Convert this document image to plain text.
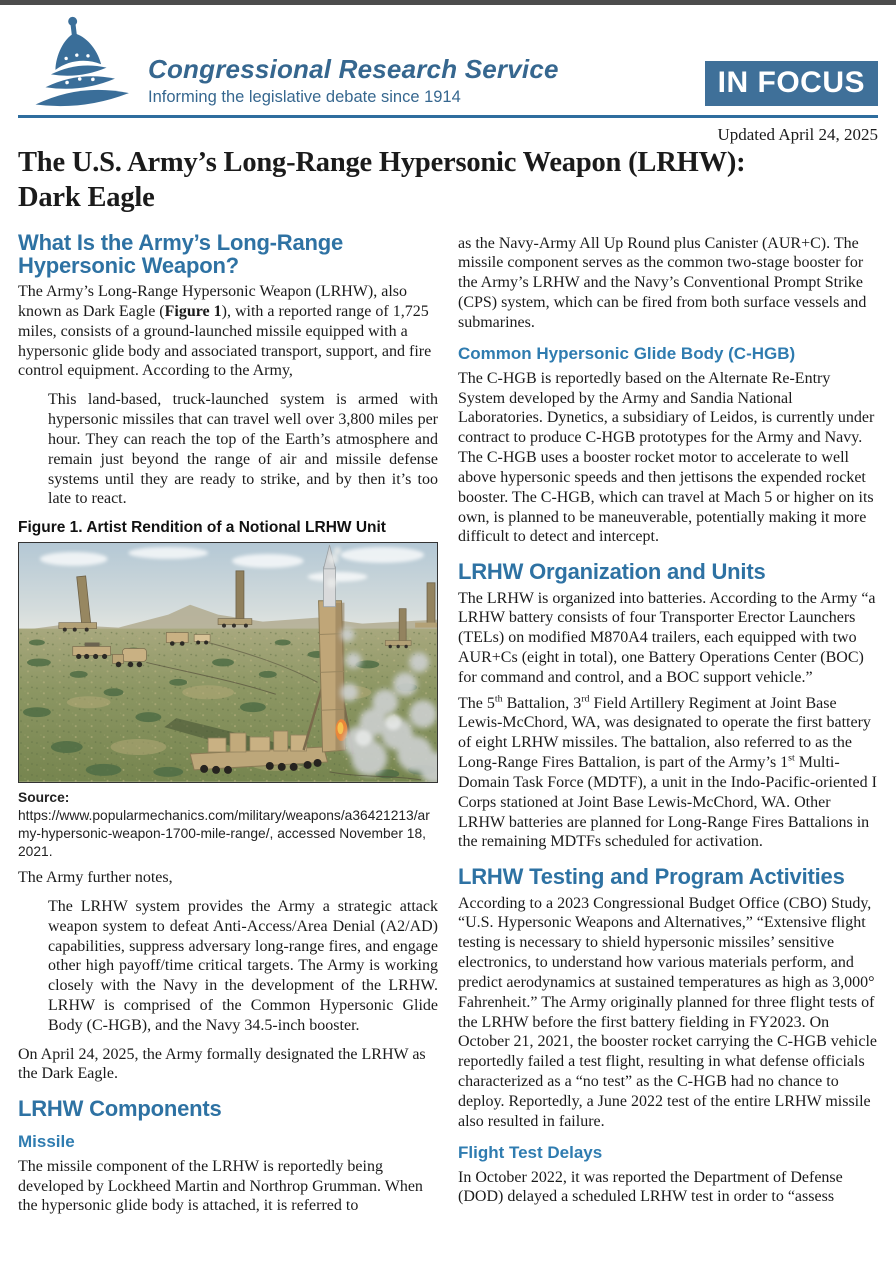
Congressional Research Service
Informing the legislative debate since 1914	IN FOCUS
Updated April 24, 2025
The U.S. Army’s Long-Range Hypersonic Weapon (LRHW):
Dark Eagle
What Is the Army’s Long-Range Hypersonic Weapon?

The Army’s Long-Range Hypersonic Weapon (LRHW), also known as Dark Eagle (Figure 1), with a reported range of 1,725 miles, consists of a ground-launched missile equipped with a hypersonic glide body and associated transport, support, and fire control equipment. According to the Army,

This land-based, truck-launched system is armed with hypersonic missiles that can travel well over 3,800 miles per hour. They can reach the top of the Earth’s atmosphere and remain just beyond the range of air and missile defense systems until they are ready to strike, and by then it’s too late to react.

Figure 1. Artist Rendition of a Notional LRHW Unit
Source: https://www.popularmechanics.com/military/weapons/a36421213/army-hypersonic-weapon-1700-mile-range/, accessed November 18, 2021.

The Army further notes,

The LRHW system provides the Army a strategic attack weapon system to defeat Anti-Access/Area Denial (A2/AD) capabilities, suppress adversary long-range fires, and engage other high payoff/time critical targets. The Army is working closely with the Navy in the development of the LRHW. LRHW is comprised of the Common Hypersonic Glide Body (C-HGB), and the Navy 34.5-inch booster.

On April 24, 2025, the Army formally designated the LRHW as the Dark Eagle.

LRHW Components
Missile

The missile component of the LRHW is reportedly being developed by Lockheed Martin and Northrop Grumman. When the hypersonic glide body is attached, it is referred to

as the Navy-Army All Up Round plus Canister (AUR+C). The missile component serves as the common two-stage booster for the Army’s LRHW and the Navy’s Conventional Prompt Strike (CPS) system, which can be fired from both surface vessels and submarines.

Common Hypersonic Glide Body (C-HGB)

The C-HGB is reportedly based on the Alternate Re-Entry System developed by the Army and Sandia National Laboratories. Dynetics, a subsidiary of Leidos, is currently under contract to produce C-HGB prototypes for the Army and Navy. The C-HGB uses a booster rocket motor to accelerate to well above hypersonic speeds and then jettisons the expended rocket booster. The C-HGB, which can travel at Mach 5 or higher on its own, is planned to be maneuverable, potentially making it more difficult to detect and intercept.

LRHW Organization and Units

The LRHW is organized into batteries. According to the Army “a LRHW battery consists of four Transporter Erector Launchers (TELs) on modified M870A4 trailers, each equipped with two AUR+Cs (eight in total), one Battery Operations Center (BOC) for command and control, and a BOC support vehicle.”

The 5th Battalion, 3rd Field Artillery Regiment at Joint Base Lewis-McChord, WA, was designated to operate the first battery of eight LRHW missiles. The battalion, also referred to as the Long-Range Fires Battalion, is part of the Army’s 1st Multi-Domain Task Force (MDTF), a unit in the Indo-Pacific-oriented I Corps stationed at Joint Base Lewis-McChord, WA. Other LRHW batteries are planned for Long-Range Fires Battalions in the remaining MDTFs scheduled for activation.

LRHW Testing and Program Activities

According to a 2023 Congressional Budget Office (CBO) Study, “U.S. Hypersonic Weapons and Alternatives,” “Extensive flight testing is necessary to shield hypersonic missiles’ sensitive electronics, to understand how various materials perform, and predict aerodynamics at sustained temperatures as high as 3,000° Fahrenheit.” The Army originally planned for three flight tests of the LRHW before the first battery fielding in FY2023. On October 21, 2021, the booster rocket carrying the C-HGB vehicle reportedly failed a test flight, resulting in what defense officials characterized as a “no test” as the C-HGB had no chance to deploy. Reportedly, a June 2022 test of the entire LRHW missile also resulted in failure.

Flight Test Delays

In October 2022, it was reported the Department of Defense (DOD) delayed a scheduled LRHW test in order to “assess
